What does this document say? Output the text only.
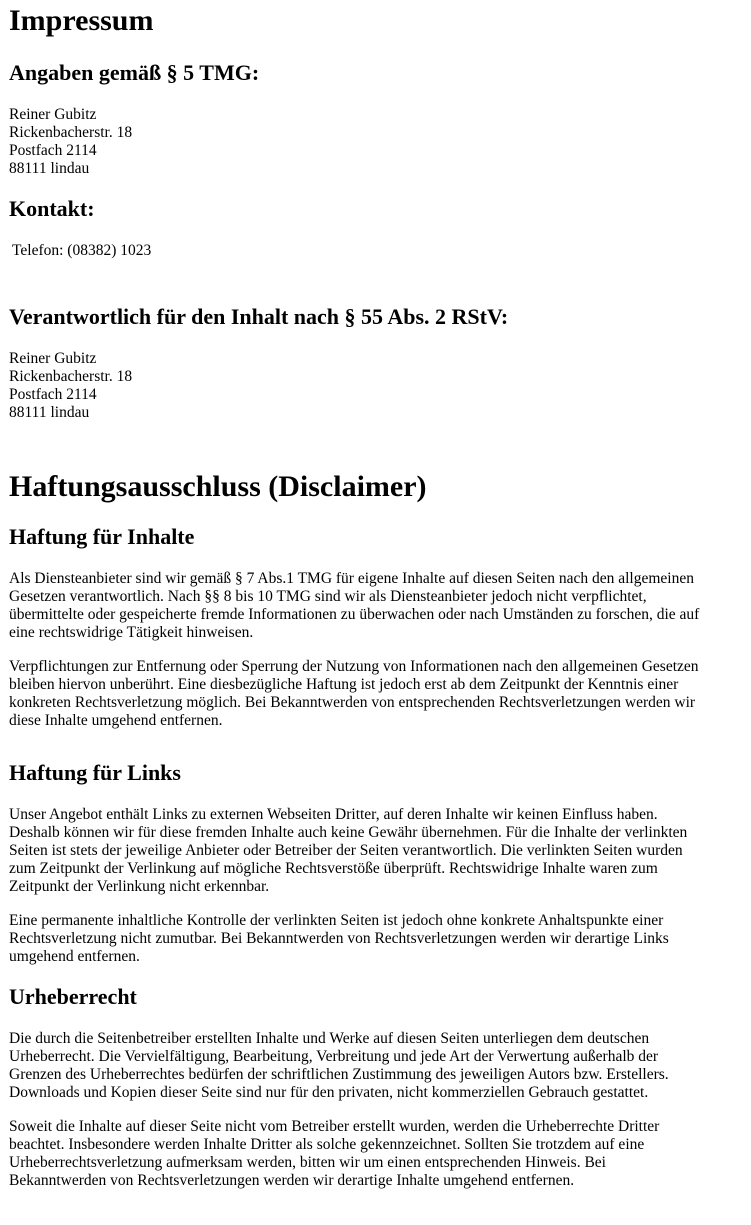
Impressum
Angaben gemäß § 5 TMG:
Reiner Gubitz
Rickenbacherstr. 18
Postfach 2114
88111 lindau
Kontakt:

Telefon: (08382) 1023

Verantwortlich für den Inhalt nach § 55 Abs. 2 RStV:
Reiner Gubitz
Rickenbacherstr. 18
Postfach 2114
88111 lindau
Haftungsausschluss (Disclaimer)
Haftung für Inhalte

Als Diensteanbieter sind wir gemäß § 7 Abs.1 TMG für eigene Inhalte auf diesen Seiten nach den allgemeinen
Gesetzen verantwortlich. Nach §§ 8 bis 10 TMG sind wir als Diensteanbieter jedoch nicht verpflichtet,
übermittelte oder gespeicherte fremde Informationen zu überwachen oder nach Umständen zu forschen, die auf
eine rechtswidrige Tätigkeit hinweisen.

Verpflichtungen zur Entfernung oder Sperrung der Nutzung von Informationen nach den allgemeinen Gesetzen
bleiben hiervon unberührt. Eine diesbezügliche Haftung ist jedoch erst ab dem Zeitpunkt der Kenntnis einer
konkreten Rechtsverletzung möglich. Bei Bekanntwerden von entsprechenden Rechtsverletzungen werden wir
diese Inhalte umgehend entfernen.

Haftung für Links

Unser Angebot enthält Links zu externen Webseiten Dritter, auf deren Inhalte wir keinen Einfluss haben.
Deshalb können wir für diese fremden Inhalte auch keine Gewähr übernehmen. Für die Inhalte der verlinkten
Seiten ist stets der jeweilige Anbieter oder Betreiber der Seiten verantwortlich. Die verlinkten Seiten wurden
zum Zeitpunkt der Verlinkung auf mögliche Rechtsverstöße überprüft. Rechtswidrige Inhalte waren zum
Zeitpunkt der Verlinkung nicht erkennbar.

Eine permanente inhaltliche Kontrolle der verlinkten Seiten ist jedoch ohne konkrete Anhaltspunkte einer
Rechtsverletzung nicht zumutbar. Bei Bekanntwerden von Rechtsverletzungen werden wir derartige Links
umgehend entfernen.

Urheberrecht

Die durch die Seitenbetreiber erstellten Inhalte und Werke auf diesen Seiten unterliegen dem deutschen
Urheberrecht. Die Vervielfältigung, Bearbeitung, Verbreitung und jede Art der Verwertung außerhalb der
Grenzen des Urheberrechtes bedürfen der schriftlichen Zustimmung des jeweiligen Autors bzw. Erstellers.
Downloads und Kopien dieser Seite sind nur für den privaten, nicht kommerziellen Gebrauch gestattet.

Soweit die Inhalte auf dieser Seite nicht vom Betreiber erstellt wurden, werden die Urheberrechte Dritter
beachtet. Insbesondere werden Inhalte Dritter als solche gekennzeichnet. Sollten Sie trotzdem auf eine
Urheberrechtsverletzung aufmerksam werden, bitten wir um einen entsprechenden Hinweis. Bei
Bekanntwerden von Rechtsverletzungen werden wir derartige Inhalte umgehend entfernen.
